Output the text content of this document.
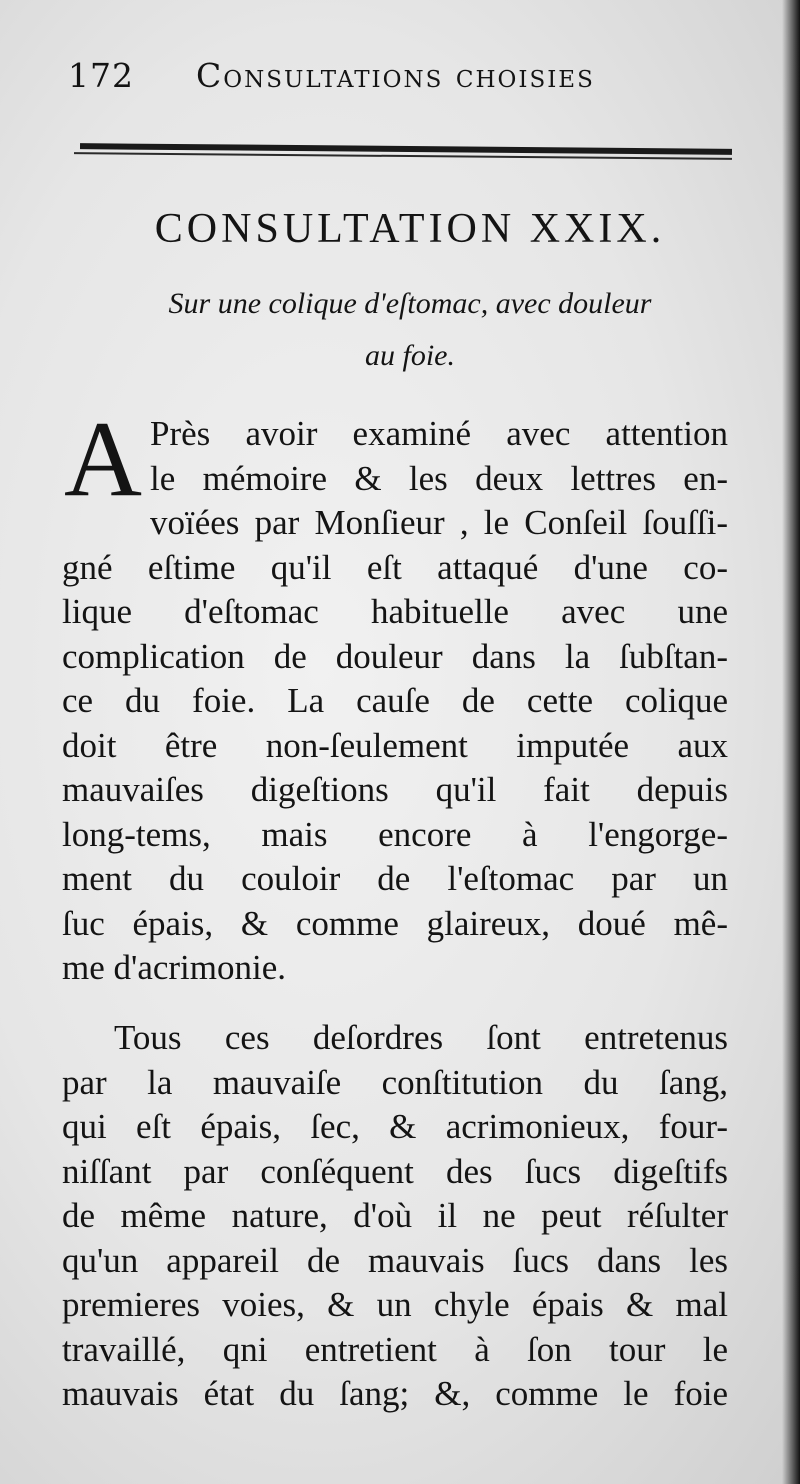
172 Consultations choisies
CONSULTATION XXIX.
Sur une colique d'eſtomac, avec douleur
au foie.
A Près avoir examiné avec attention
le mémoire & les deux lettres en-
voïées par Monſieur , le Conſeil ſouſſi-
gné eſtime qu'il eſt attaqué d'une co-
lique d'eſtomac habituelle avec une
complication de douleur dans la ſubſtan-
ce du foie. La cauſe de cette colique
doit être non-ſeulement imputée aux
mauvaiſes digeſtions qu'il fait depuis
long-tems, mais encore à l'engorge-
ment du couloir de l'eſtomac par un
ſuc épais, & comme glaireux, doué mê-
me d'acrimonie.
Tous ces deſordres ſont entretenus
par la mauvaiſe conſtitution du ſang,
qui eſt épais, ſec, & acrimonieux, four-
niſſant par conſéquent des ſucs digeſtifs
de même nature, d'où il ne peut réſulter
qu'un appareil de mauvais ſucs dans les
premieres voies, & un chyle épais & mal
travaillé, qni entretient à ſon tour le
mauvais état du ſang; &, comme le foie
